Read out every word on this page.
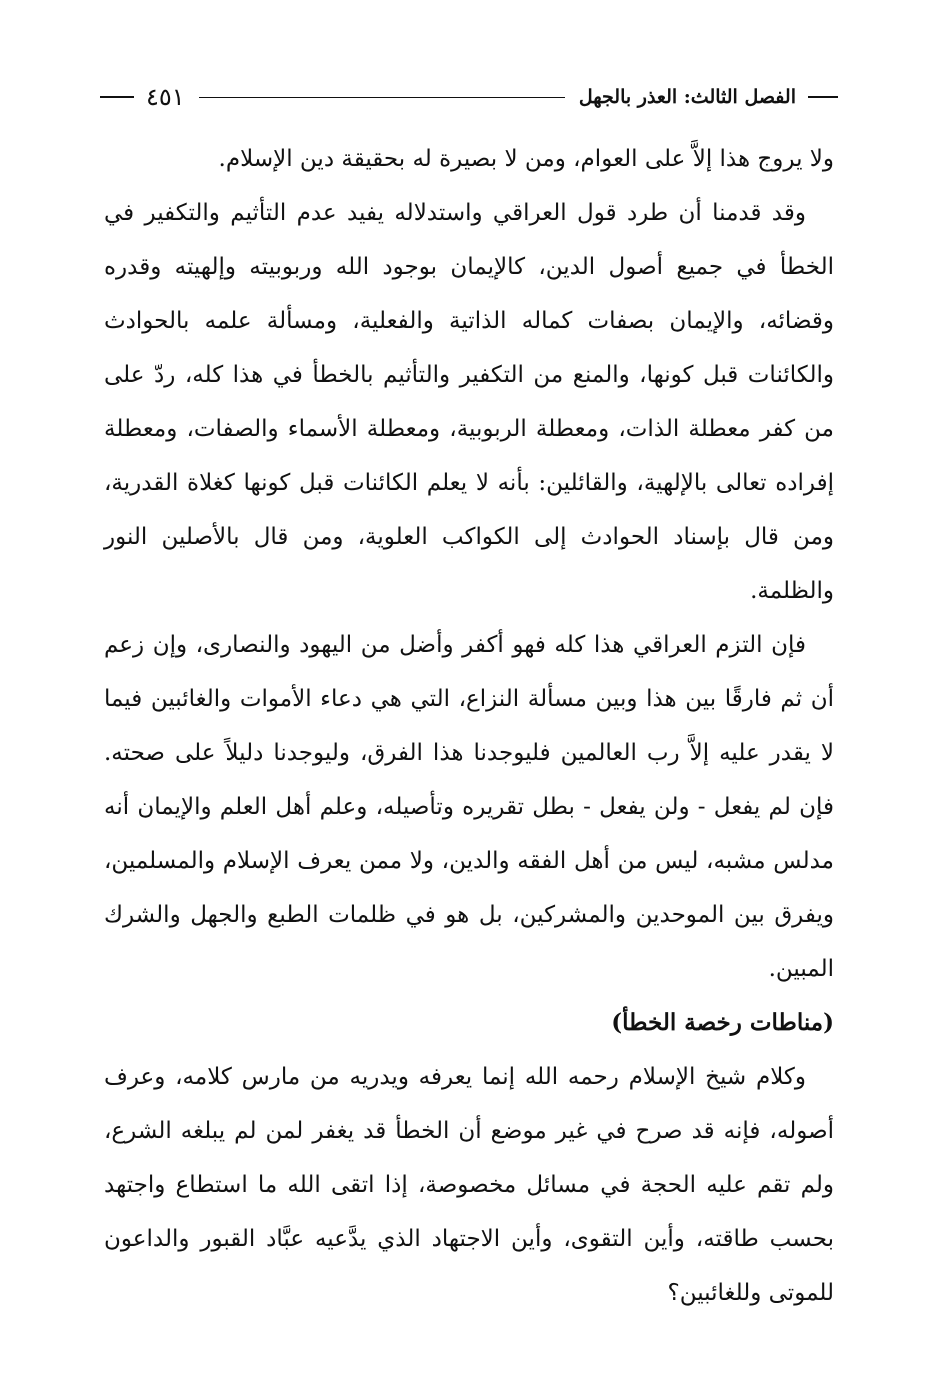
الفصل الثالث: العذر بالجهل
٤٥١

ولا يروج هذا إلاَّ على العوام، ومن لا بصيرة له بحقيقة دين الإسلام.

وقد قدمنا أن طرد قول العراقي واستدلاله يفيد عدم التأثيم والتكفير في الخطأ في جميع أصول الدين، كالإيمان بوجود الله وربوبيته وإلهيته وقدره وقضائه، والإيمان بصفات كماله الذاتية والفعلية، ومسألة علمه بالحوادث والكائنات قبل كونها، والمنع من التكفير والتأثيم بالخطأ في هذا كله، ردّ على من كفر معطلة الذات، ومعطلة الربوبية، ومعطلة الأسماء والصفات، ومعطلة إفراده تعالى بالإلهية، والقائلين: بأنه لا يعلم الكائنات قبل كونها كغلاة القدرية، ومن قال بإسناد الحوادث إلى الكواكب العلوية، ومن قال بالأصلين النور والظلمة.

فإن التزم العراقي هذا كله فهو أكفر وأضل من اليهود والنصارى، وإن زعم أن ثم فارقًا بين هذا وبين مسألة النزاع، التي هي دعاء الأموات والغائبين فيما لا يقدر عليه إلاَّ رب العالمين فليوجدنا هذا الفرق، وليوجدنا دليلاً على صحته. فإن لم يفعل - ولن يفعل - بطل تقريره وتأصيله، وعلم أهل العلم والإيمان أنه مدلس مشبه، ليس من أهل الفقه والدين، ولا ممن يعرف الإسلام والمسلمين، ويفرق بين الموحدين والمشركين، بل هو في ظلمات الطبع والجهل والشرك المبين.

(مناطات رخصة الخطأ)

وكلام شيخ الإسلام رحمه الله إنما يعرفه ويدريه من مارس كلامه، وعرف أصوله، فإنه قد صرح في غير موضع أن الخطأ قد يغفر لمن لم يبلغه الشرع، ولم تقم عليه الحجة في مسائل مخصوصة، إذا اتقى الله ما استطاع واجتهد بحسب طاقته، وأين التقوى، وأين الاجتهاد الذي يدَّعيه عبَّاد القبور والداعون للموتى وللغائبين؟
